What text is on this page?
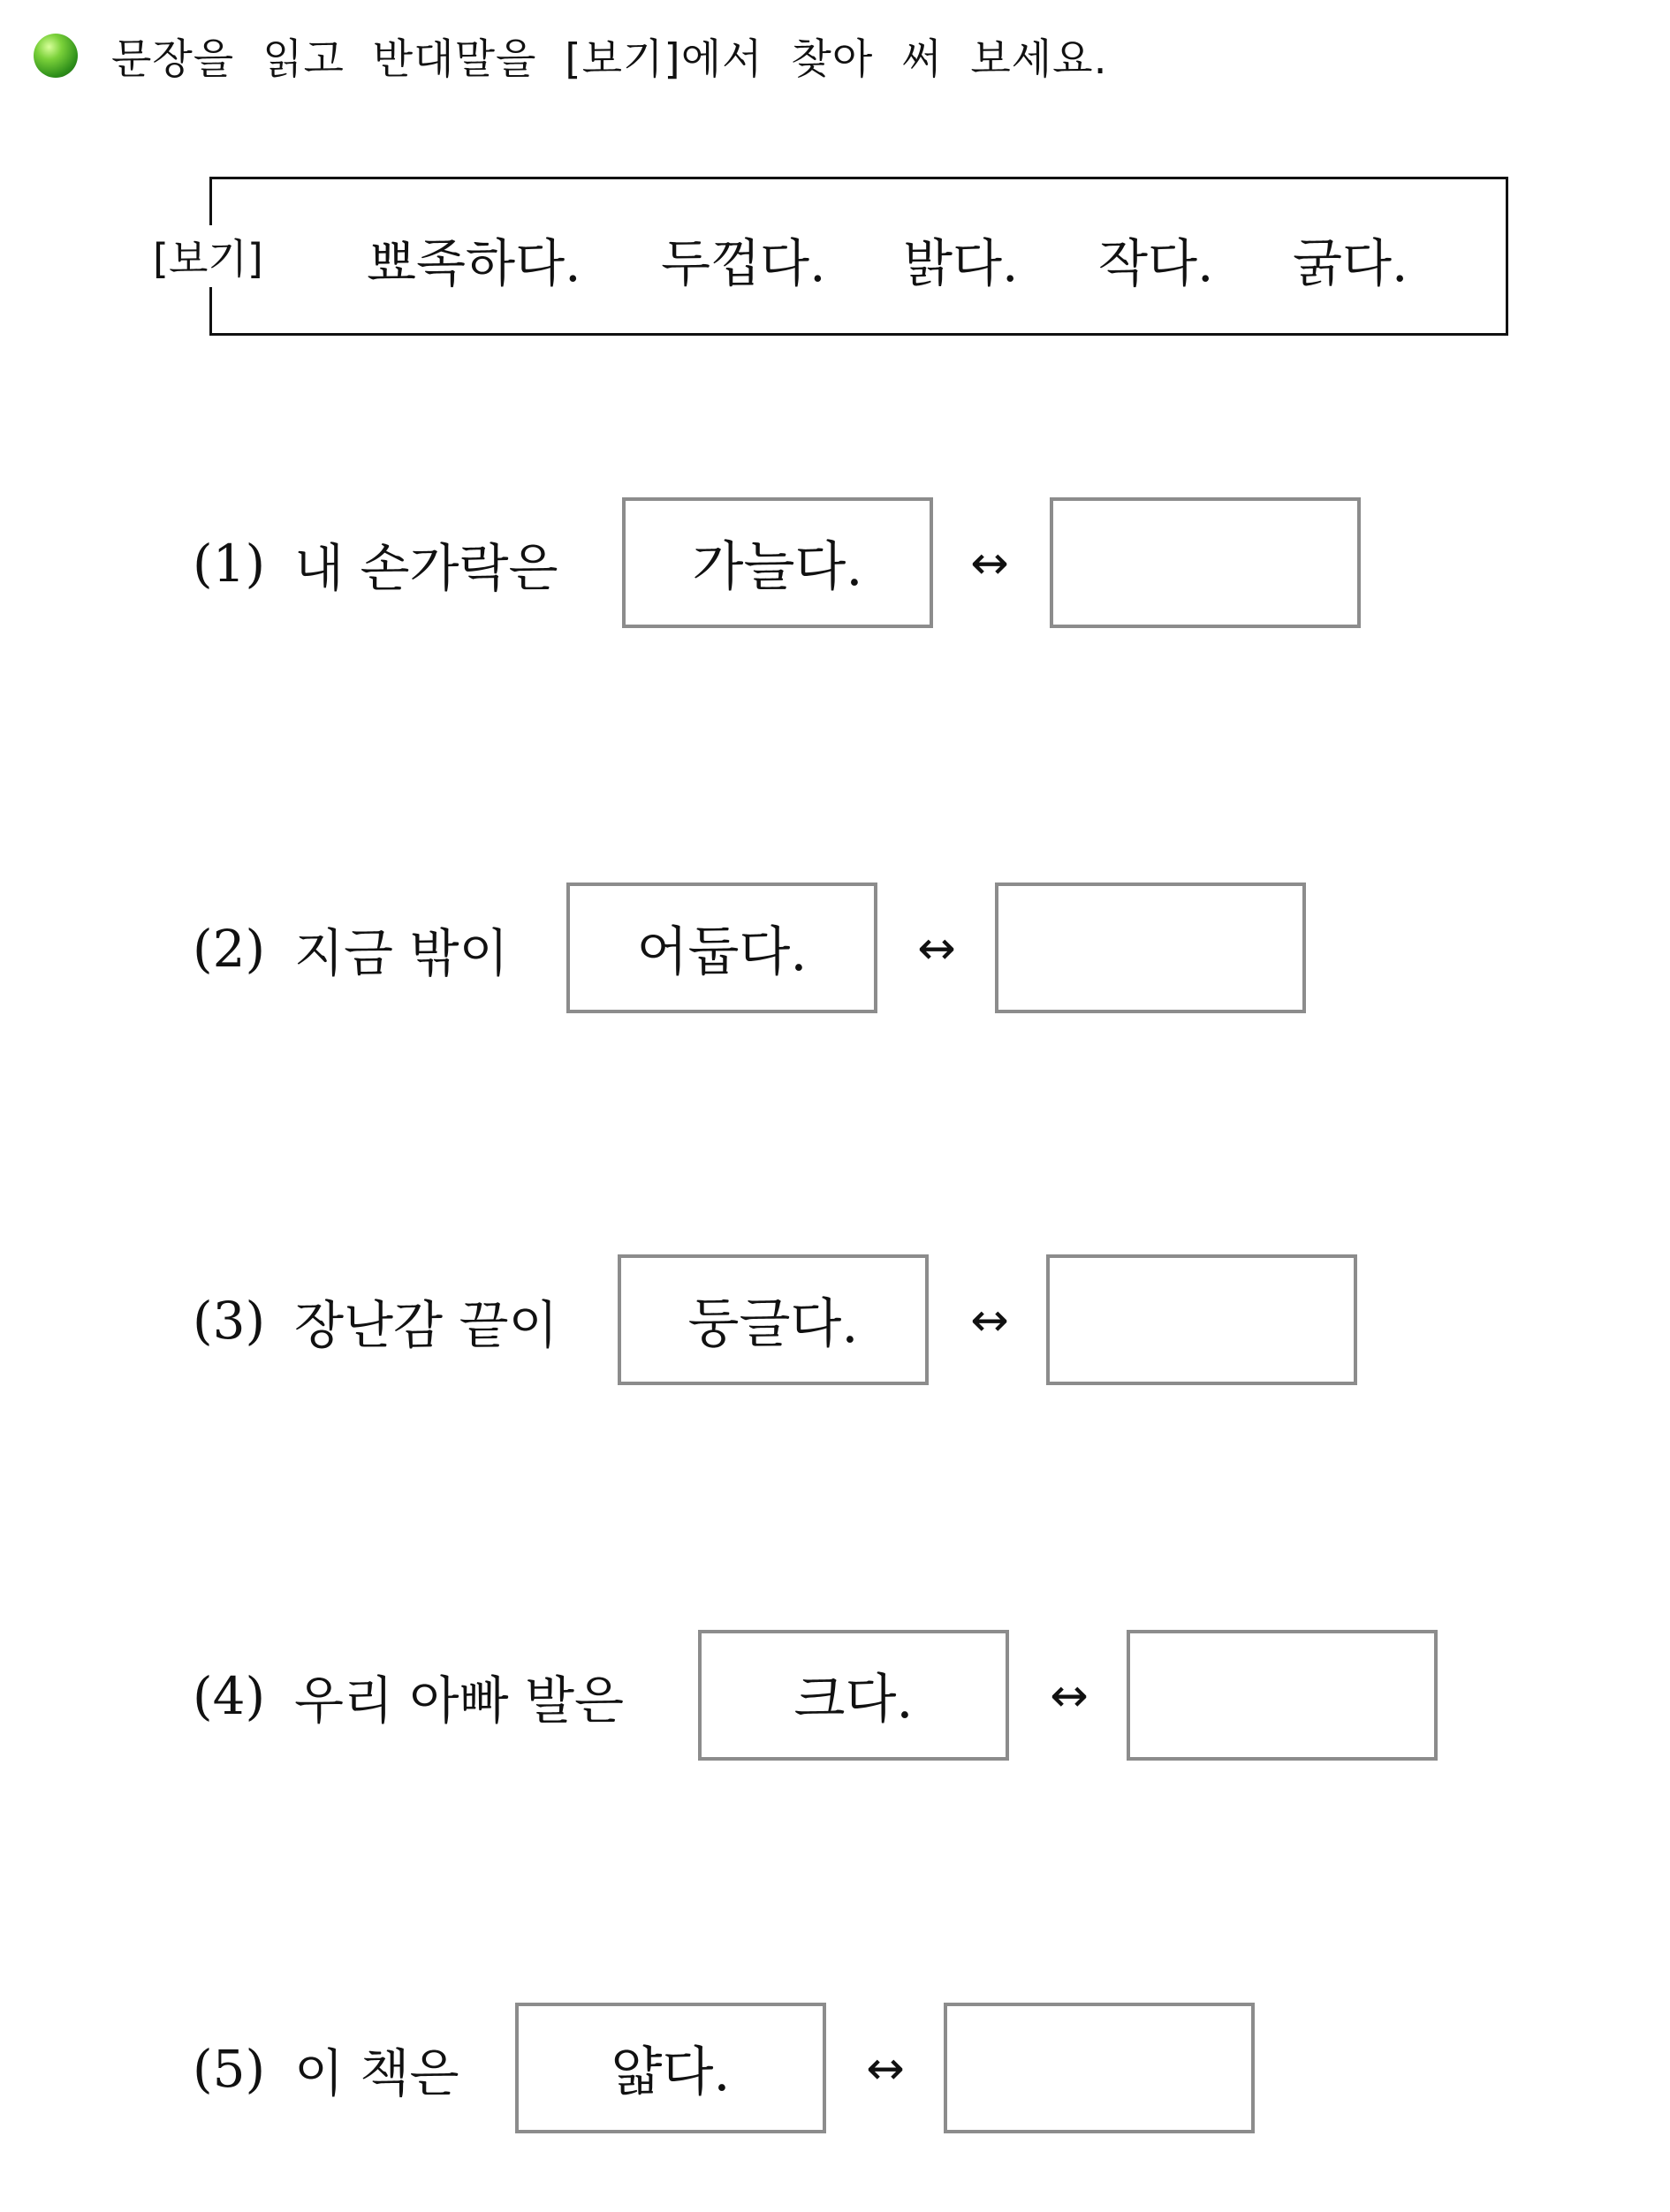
문장을  읽고  반대말을  [보기]에서  찾아  써  보세요.
[보기] 뾰족하다. 두껍다. 밝다. 작다. 굵다.
(1) 내 손가락은	가늘다.	↔
(2) 지금 밖이	어둡다.	↔
(3) 장난감 끝이	둥글다.	↔
(4) 우리 아빠 발은	크다.	↔
(5) 이 책은	얇다.	↔
